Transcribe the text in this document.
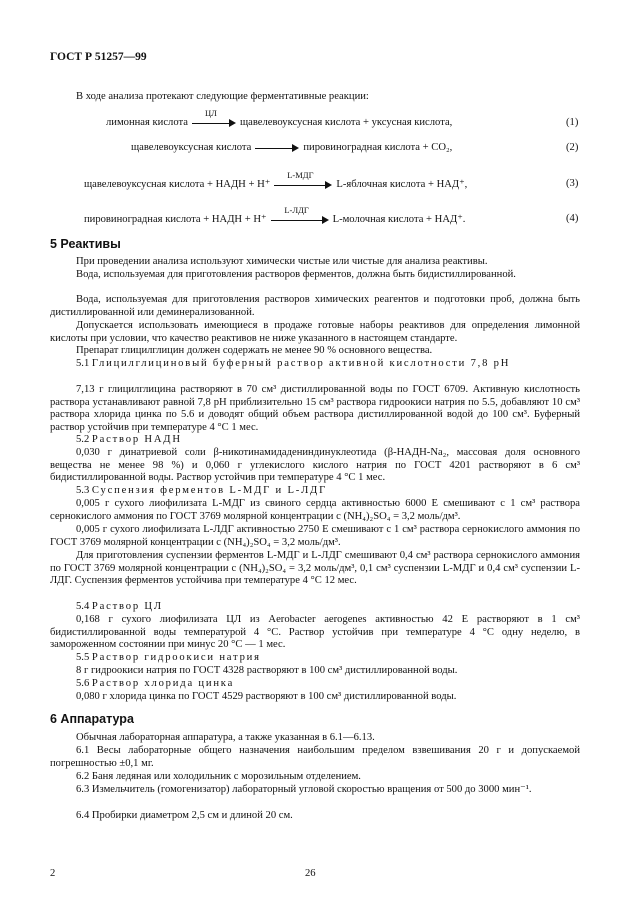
ГОСТ Р 51257—99
В ходе анализа протекают следующие ферментативные реакции:
лимонная кислота
ЦЛ
щавелевоуксусная кислота + уксусная кислота,	(1)
щавелевоуксусная кислота	пировиноградная кислота + CO₂,	(2)
щавелевоуксусная кислота + НАДН + Н⁺
L-МДГ
L-яблочная кислота + НАД⁺,	(3)
пировиноградная кислота + НАДН + Н⁺
L-ЛДГ
L-молочная кислота + НАД⁺.	(4)
5 Реактивы
При проведении анализа используют химически чистые или чистые для анализа реактивы.
Вода, используемая для приготовления растворов ферментов, должна быть бидистиллированной.
Вода, используемая для приготовления растворов химических реагентов и подготовки проб, должна быть дистиллированной или деминерализованной.
Допускается использовать имеющиеся в продаже готовые наборы реактивов для определения лимонной кислоты при условии, что качество реактивов не ниже указанного в настоящем стандарте.
Препарат глицилглицин должен содержать не менее 90 % основного вещества.
5.1 Глицилглициновый буферный раствор активной кислотности 7,8 pH
7,13 г глицилглицина растворяют в 70 см³ дистиллированной воды по ГОСТ 6709. Активную кислотность раствора устанавливают равной 7,8 pH приблизительно 15 см³ раствора гидроокиси натрия по 5.5, добавляют 10 см³ раствора хлорида цинка по 5.6 и доводят общий объем раствора дистиллированной водой до 100 см³. Буферный раствор устойчив при температуре 4 °С 1 мес.
5.2 Раствор НАДН
0,030 г динатриевой соли β-никотинамидадениндинуклеотида (β-НАДН-Na₂, массовая доля основного вещества не менее 98 %) и 0,060 г углекислого кислого натрия по ГОСТ 4201 растворяют в 6 см³ бидистиллированной воды. Раствор устойчив при температуре 4 °С 1 мес.
5.3 Суспензия ферментов L-МДГ и L-ЛДГ
0,005 г сухого лиофилизата L-МДГ из свиного сердца активностью 6000 Е смешивают с 1 см³ раствора сернокислого аммония по ГОСТ 3769 молярной концентрации с (NH₄)₂SO₄ = 3,2 моль/дм³.
0,005 г сухого лиофилизата L-ЛДГ активностью 2750 Е смешивают с 1 см³ раствора сернокислого аммония по ГОСТ 3769 молярной концентрации с (NH₄)₂SO₄ = 3,2 моль/дм³.
Для приготовления суспензии ферментов L-МДГ и L-ЛДГ смешивают 0,4 см³ раствора сернокислого аммония по ГОСТ 3769 молярной концентрации с (NH₄)₂SO₄ = 3,2 моль/дм³, 0,1 см³ суспензии L-МДГ и 0,4 см³ суспензии L-ЛДГ. Суспензия ферментов устойчива при температуре 4 °С 12 мес.
5.4 Раствор ЦЛ
0,168 г сухого лиофилизата ЦЛ из Aerobacter aerogenes активностью 42 Е растворяют в 1 см³ бидистиллированной воды температурой 4 °С. Раствор устойчив при температуре 4 °С одну неделю, в замороженном состоянии при минус 20 °С — 1 мес.
5.5 Раствор гидроокиси натрия
8 г гидроокиси натрия по ГОСТ 4328 растворяют в 100 см³ дистиллированной воды.
5.6 Раствор хлорида цинка
0,080 г хлорида цинка по ГОСТ 4529 растворяют в 100 см³ дистиллированной воды.
6 Аппаратура
Обычная лабораторная аппаратура, а также указанная в 6.1—6.13.
6.1 Весы лабораторные общего назначения наибольшим пределом взвешивания 20 г и допускаемой погрешностью ±0,1 мг.
6.2 Баня ледяная или холодильник с морозильным отделением.
6.3 Измельчитель (гомогенизатор) лабораторный угловой скоростью вращения от 500 до 3000 мин⁻¹.
6.4 Пробирки диаметром 2,5 см и длиной 20 см.
2	26
